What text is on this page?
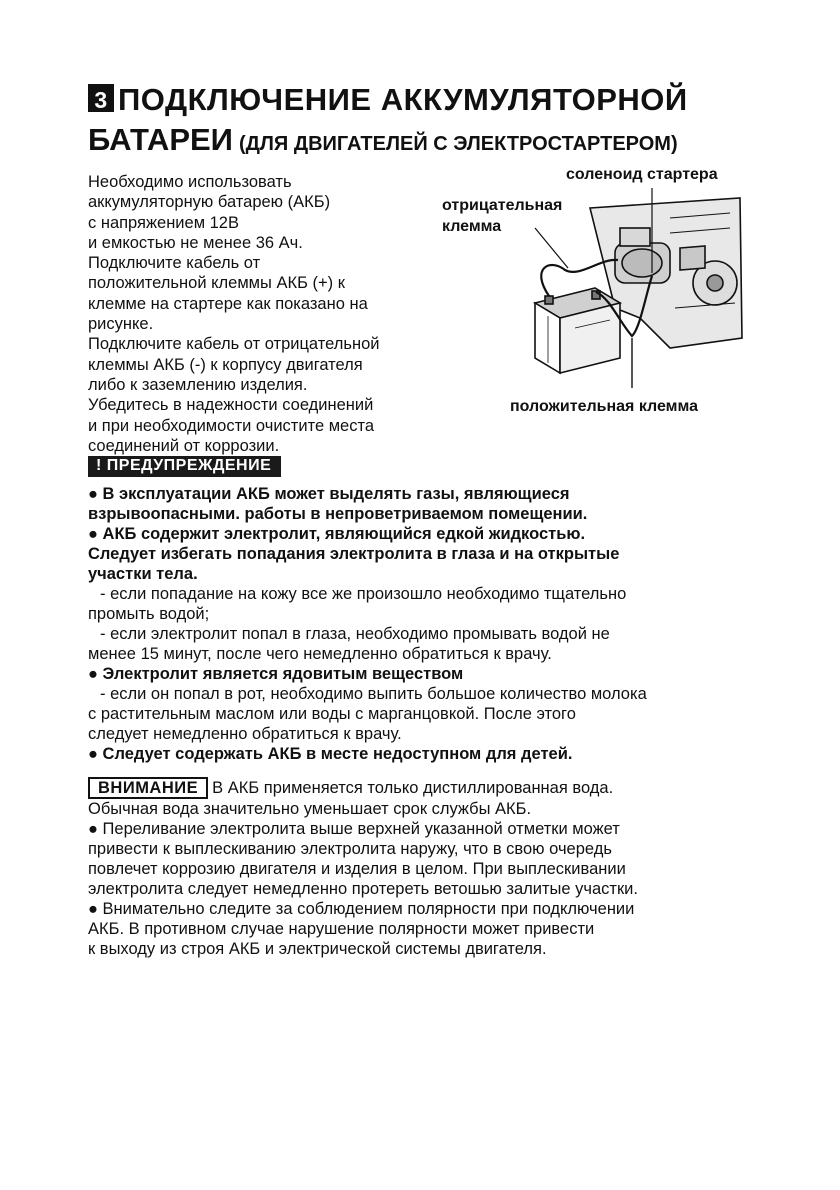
3 ПОДКЛЮЧЕНИЕ АККУМУЛЯТОРНОЙ
БАТАРЕИ (ДЛЯ ДВИГАТЕЛЕЙ С ЭЛЕКТРОСТАРТЕРОМ)

Необходимо использовать

аккумуляторную батарею (АКБ)

с напряжением 12В

и емкостью не менее 36 Ач.

Подключите кабель от

положительной клеммы АКБ (+) к

клемме на стартере как показано на

рисунке.

Подключите кабель от отрицательной

клеммы АКБ (-) к корпусу двигателя

либо к заземлению изделия.

Убедитесь в надежности соединений

и при необходимости очистите места

соединений от коррозии.

соленоид стартера
отрицательная
клемма
положительная клемма
! ПРЕДУПРЕЖДЕНИЕ

● В эксплуатации АКБ может выделять газы, являющиеся

взрывоопасными. работы в непроветриваемом помещении.

● АКБ содержит электролит, являющийся едкой жидкостью.

Следует избегать попадания электролита в глаза и на открытые

участки тела.

- если попадание на кожу все же произошло необходимо тщательно

промыть водой;

- если электролит попал в глаза, необходимо промывать водой не

менее 15 минут, после чего немедленно обратиться к врачу.

● Электролит является ядовитым веществом

- если он попал в рот, необходимо выпить большое количество молока

с растительным маслом или воды с марганцовкой. После этого

следует немедленно обратиться к врачу.

● Следует содержать АКБ в месте недоступном для детей.

ВНИМАНИЕ В АКБ применяется только дистиллированная вода.

Обычная вода значительно уменьшает срок службы АКБ.

● Переливание электролита выше верхней указанной отметки может

привести к выплескиванию электролита наружу, что в свою очередь

повлечет коррозию двигателя и изделия в целом. При выплескивании

электролита следует немедленно протереть ветошью залитые участки.

● Внимательно следите за соблюдением полярности при подключении

АКБ. В противном случае нарушение полярности может привести

к выходу из строя АКБ и электрической системы двигателя.
